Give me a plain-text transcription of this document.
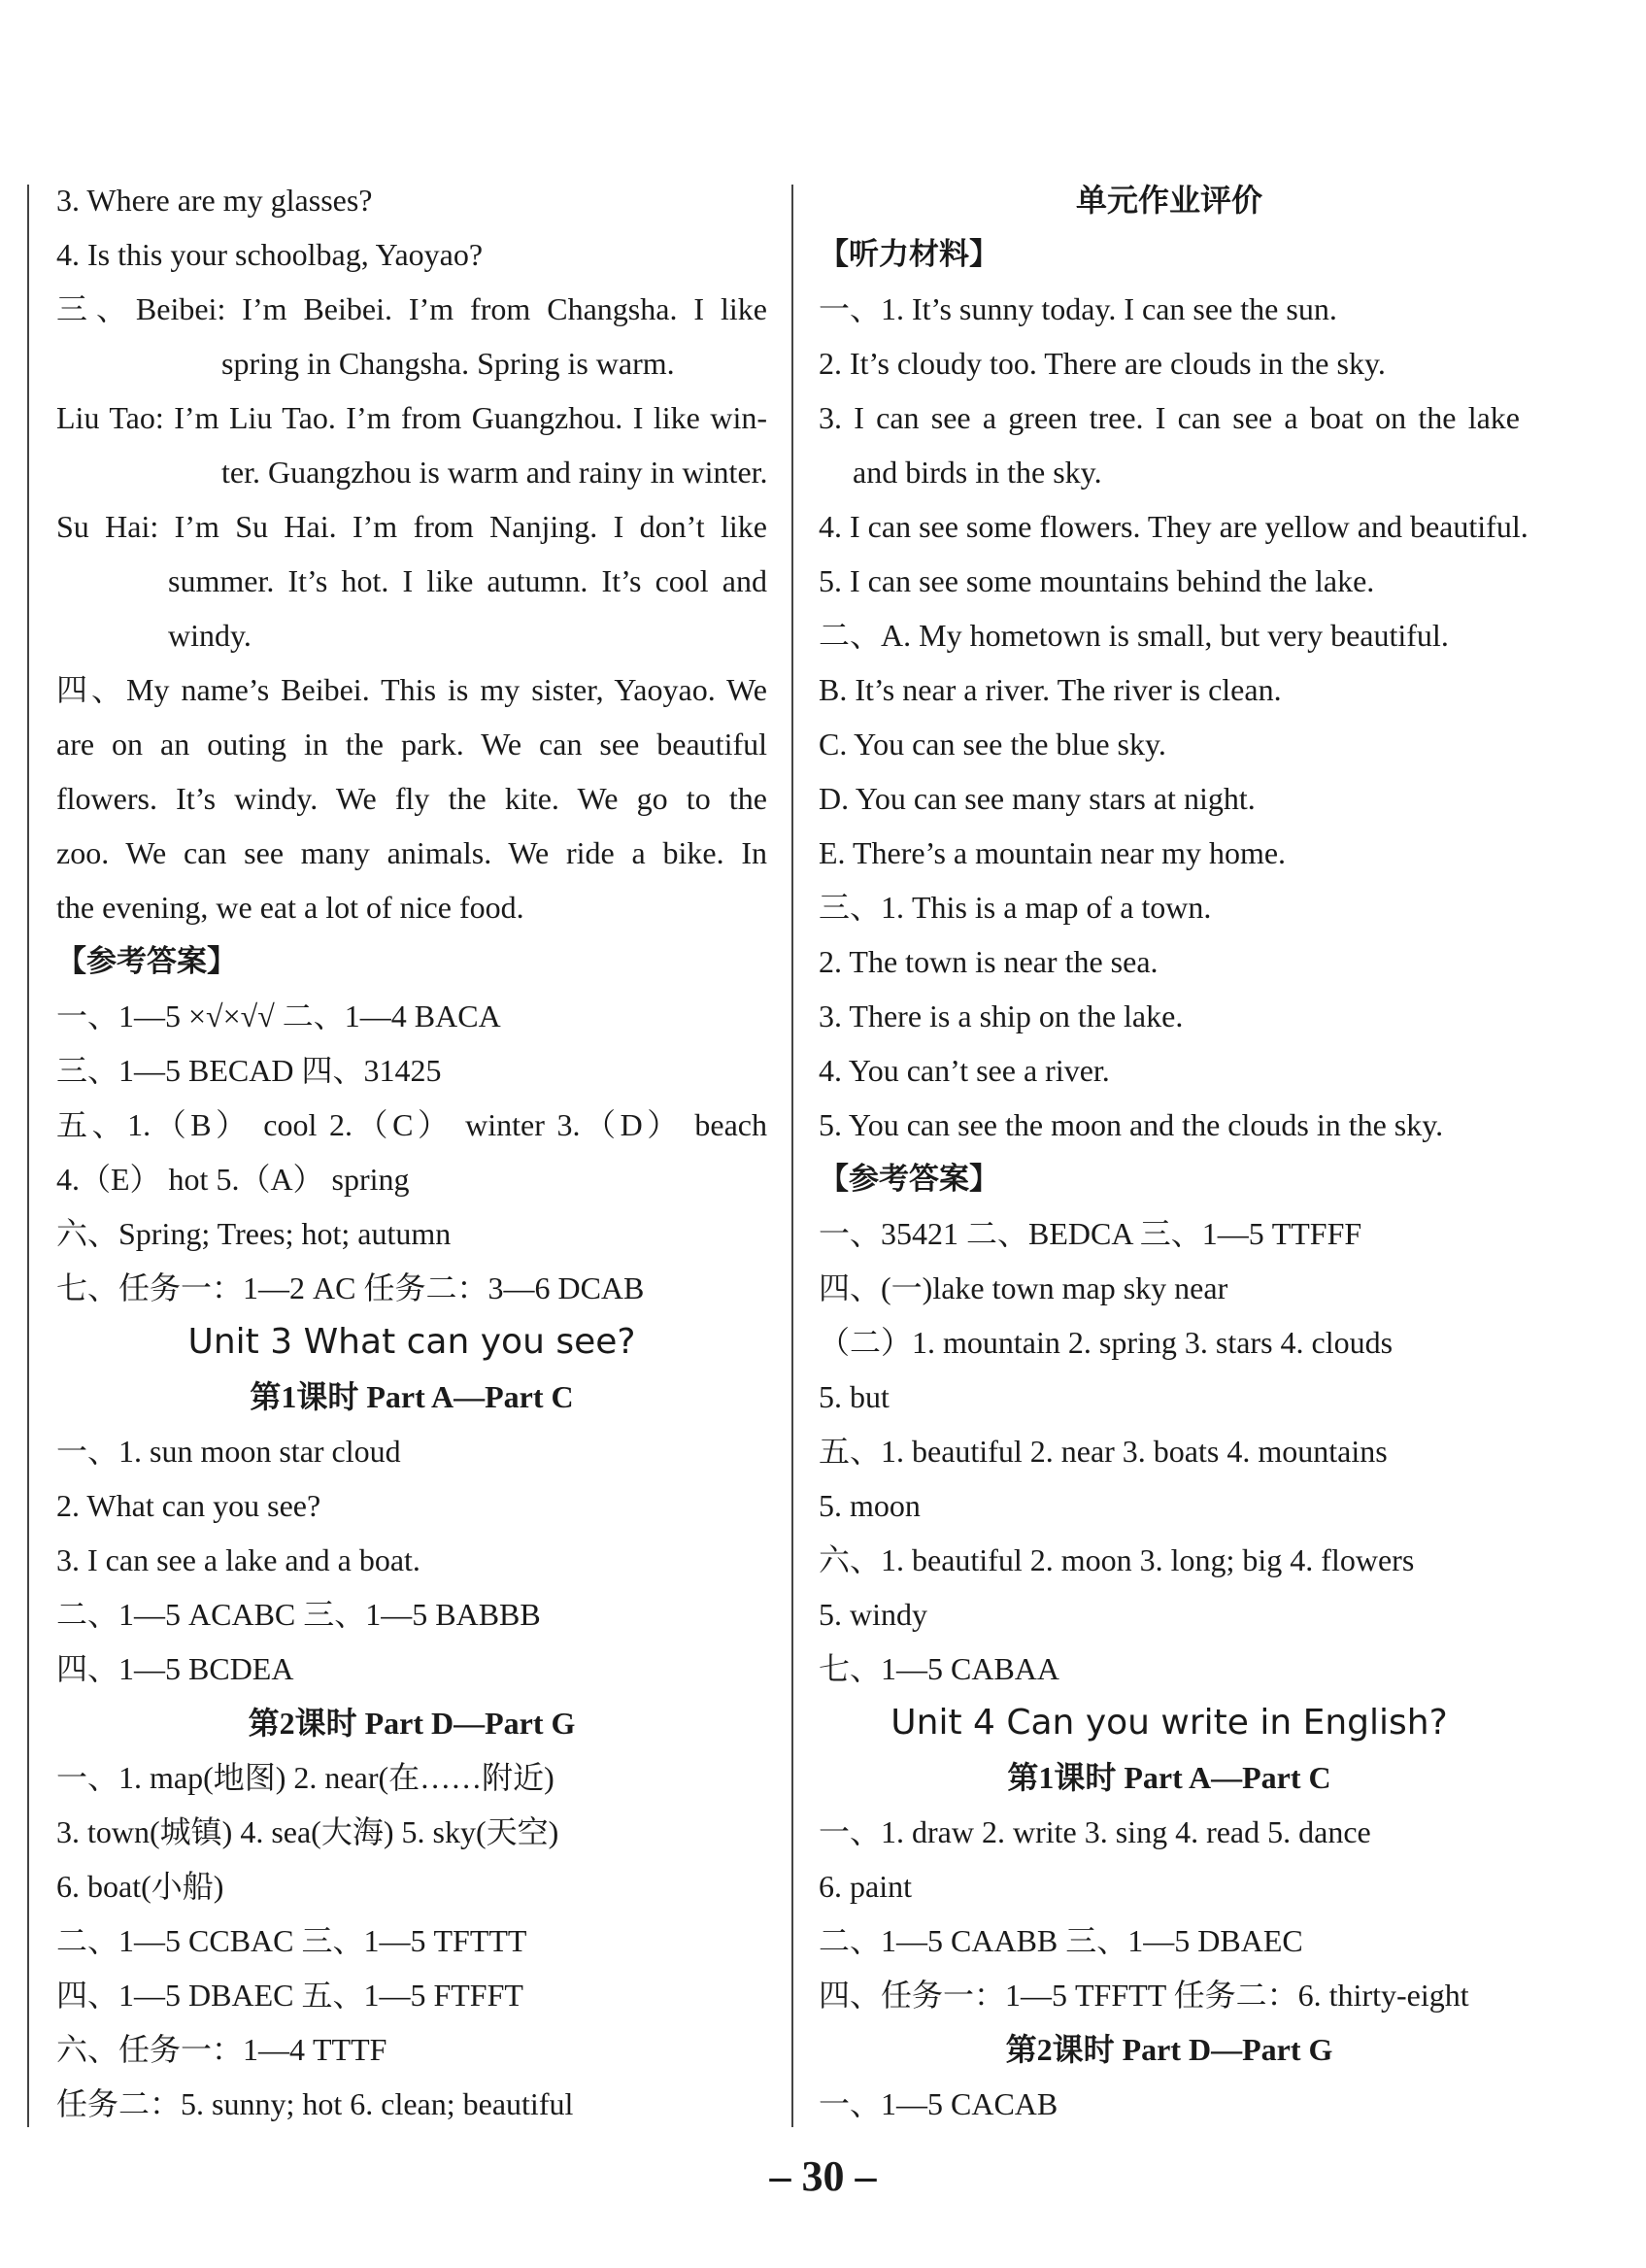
3. Where are my glasses?
4. Is this your schoolbag, Yaoyao?
三、Beibei: I’m Beibei. I’m from Changsha. I like
spring in Changsha. Spring is warm.
Liu Tao: I’m Liu Tao. I’m from Guangzhou. I like win-
ter. Guangzhou is warm and rainy in winter.
Su Hai: I’m Su Hai. I’m from Nanjing. I don’t like
summer. It’s hot. I like autumn. It’s cool and
windy.
四、My name’s Beibei. This is my sister, Yaoyao. We
are on an outing in the park. We can see beautiful
flowers. It’s windy. We fly the kite. We go to the
zoo. We can see many animals. We ride a bike. In
the evening, we eat a lot of nice food.
【参考答案】
一、1—5 ×√×√√ 二、1—4 BACA
三、1—5 BECAD 四、31425
五、1.（B） cool 2.（C） winter 3.（D） beach
4.（E） hot 5.（A） spring
六、Spring; Trees; hot; autumn
七、任务一：1—2 AC 任务二：3—6 DCAB
Unit 3 What can you see?
第1课时 Part A—Part C
一、1. sun moon star cloud
2. What can you see?
3. I can see a lake and a boat.
二、1—5 ACABC 三、1—5 BABBB
四、1—5 BCDEA
第2课时 Part D—Part G
一、1. map(地图) 2. near(在……附近)
3. town(城镇) 4. sea(大海) 5. sky(天空)
6. boat(小船)
二、1—5 CCBAC 三、1—5 TFTTT
四、1—5 DBAEC 五、1—5 FTFFT
六、任务一：1—4 TTTF
任务二：5. sunny; hot 6. clean; beautiful
单元作业评价
【听力材料】
一、1. It’s sunny today. I can see the sun.
2. It’s cloudy too. There are clouds in the sky.
3. I can see a green tree. I can see a boat on the lake
and birds in the sky.
4. I can see some flowers. They are yellow and beautiful.
5. I can see some mountains behind the lake.
二、A. My hometown is small, but very beautiful.
B. It’s near a river. The river is clean.
C. You can see the blue sky.
D. You can see many stars at night.
E. There’s a mountain near my home.
三、1. This is a map of a town.
2. The town is near the sea.
3. There is a ship on the lake.
4. You can’t see a river.
5. You can see the moon and the clouds in the sky.
【参考答案】
一、35421 二、BEDCA 三、1—5 TTFFF
四、(一)lake town map sky near
（二）1. mountain 2. spring 3. stars 4. clouds
5. but
五、1. beautiful 2. near 3. boats 4. mountains
5. moon
六、1. beautiful 2. moon 3. long; big 4. flowers
5. windy
七、1—5 CABAA
Unit 4 Can you write in English?
第1课时 Part A—Part C
一、1. draw 2. write 3. sing 4. read 5. dance
6. paint
二、1—5 CAABB 三、1—5 DBAEC
四、任务一：1—5 TFFTT 任务二：6. thirty-eight
第2课时 Part D—Part G
一、1—5 CACAB
– 30 –
